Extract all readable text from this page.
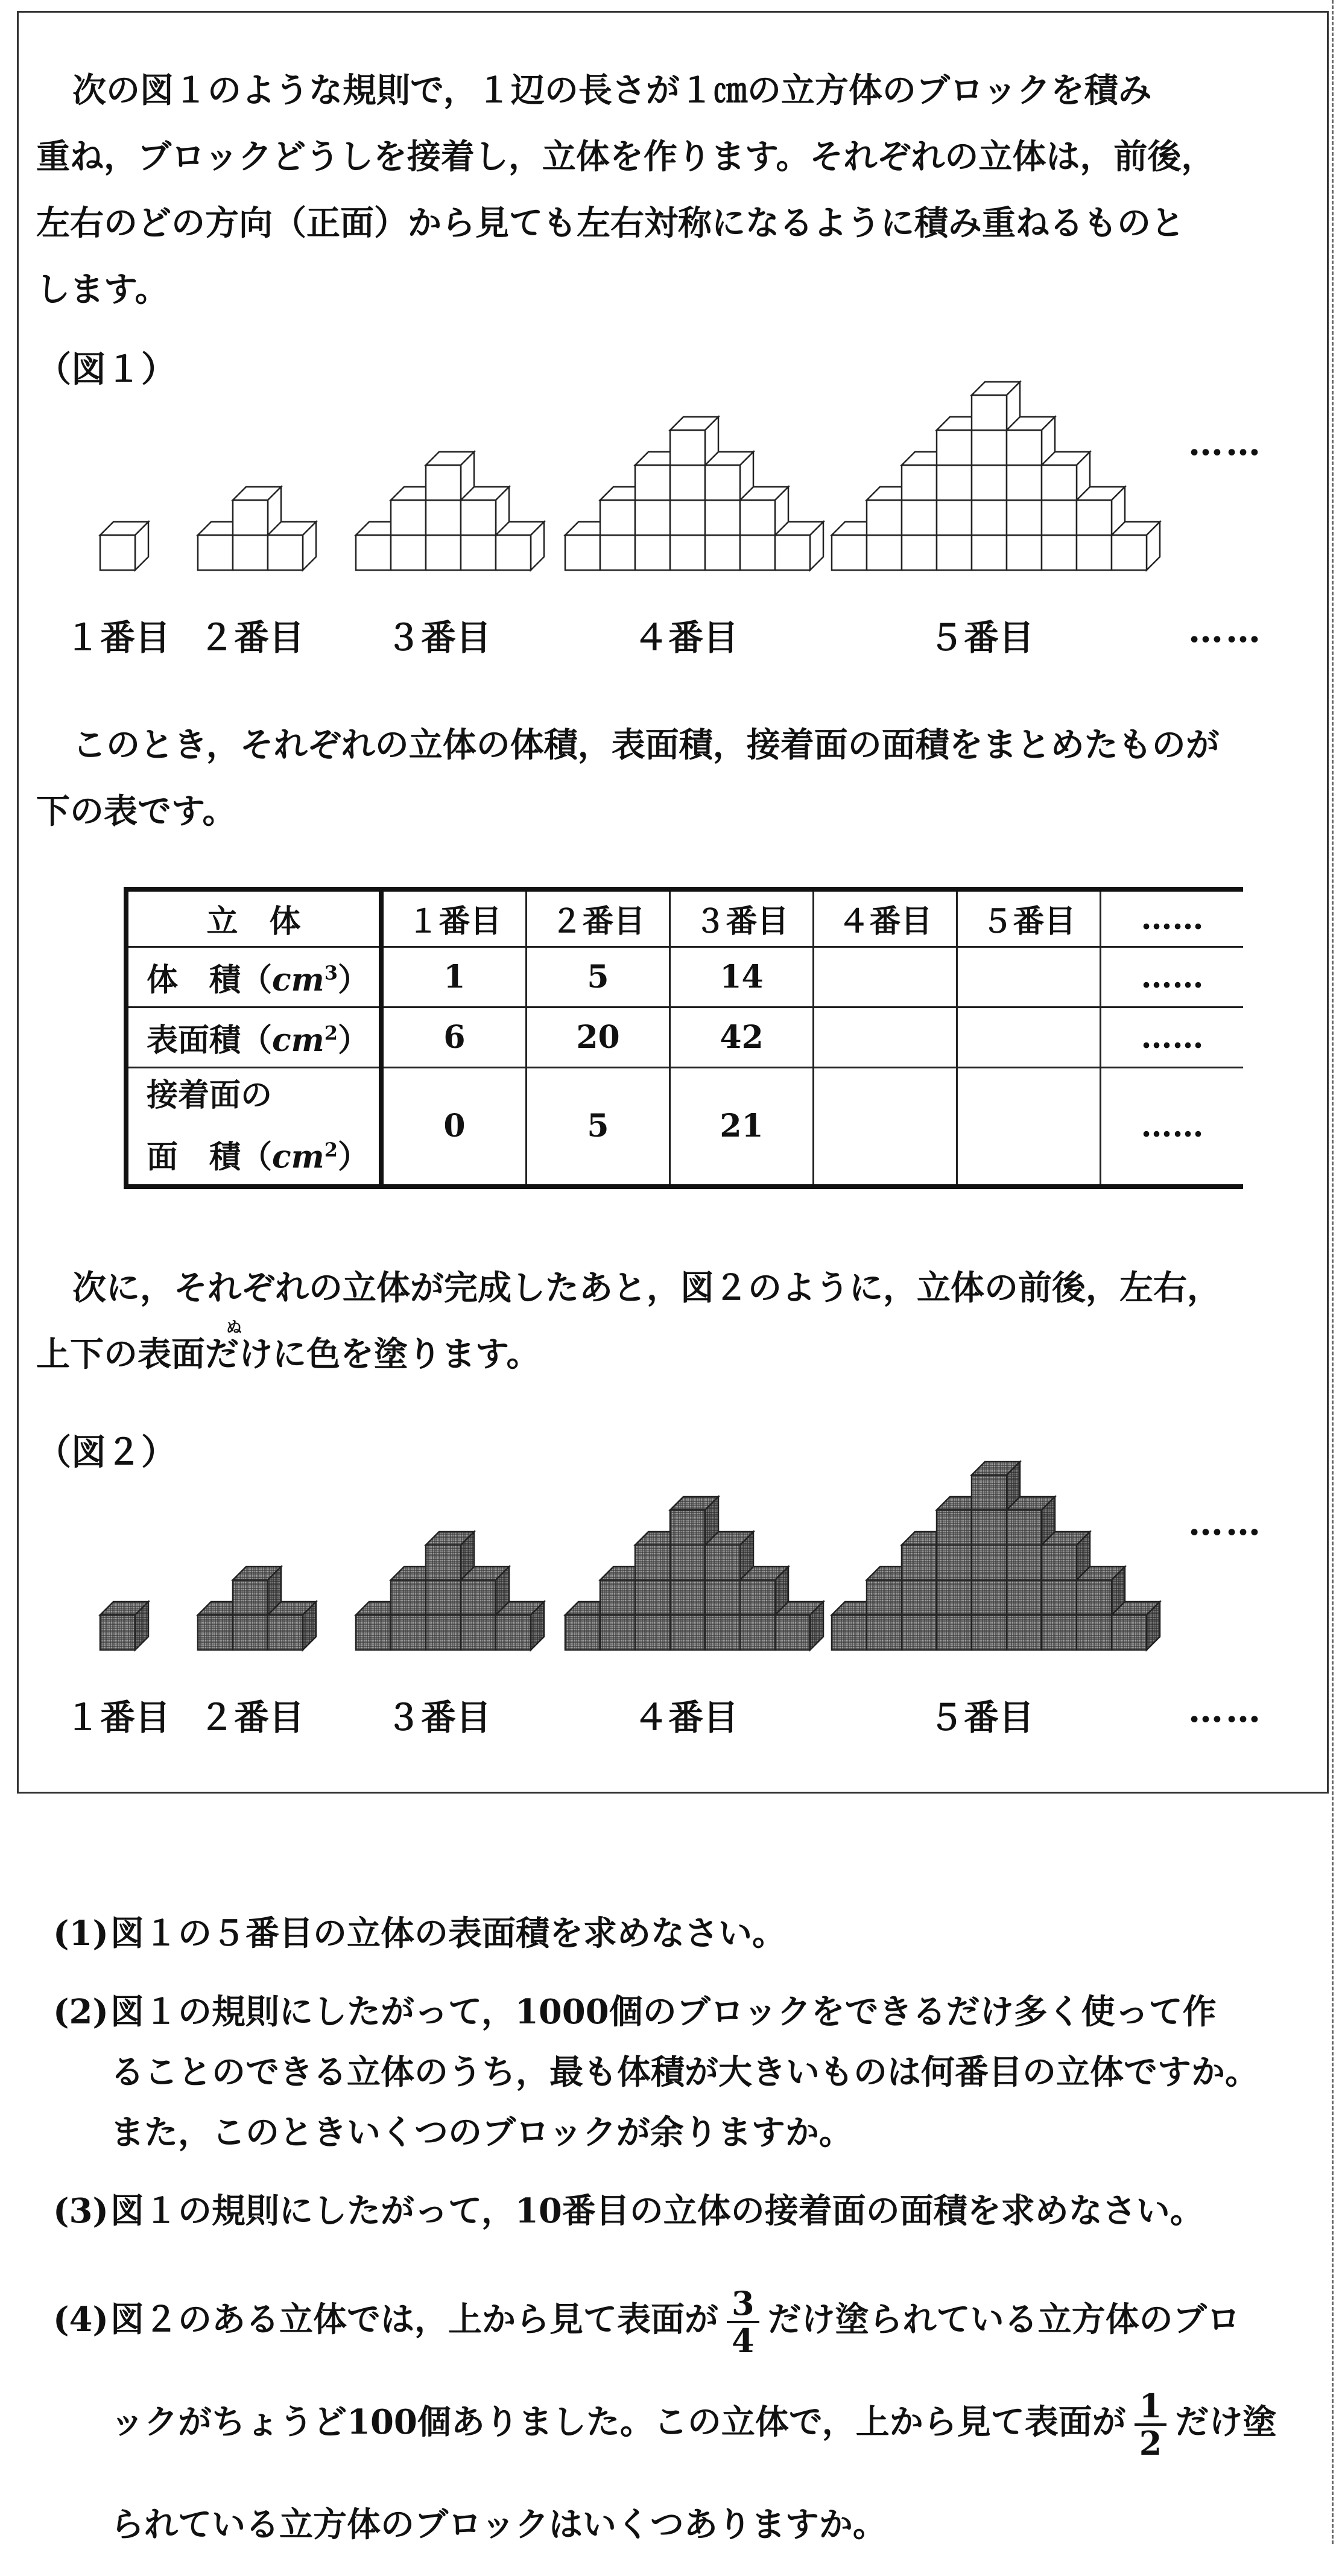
次の図１のような規則で，１辺の長さが１㎝の立方体のブロックを積み

重ね，ブロックどうしを接着し，立体を作ります。それぞれの立体は，前後，

左右のどの方向（正面）から見ても左右対称になるように積み重ねるものと

します。

（図１）
……
１番目 ２番目 ３番目	４番目	５番目	……

このとき，それぞれの立体の体積，表面積，接着面の面積をまとめたものが

下の表です。

立　体	１番目	２番目	３番目	４番目	５番目	……
体　積$(cm^3)$	1	5	14			……
表面積$(cm^2)$	6	20	42			……

接着面の
面　積$(cm^2)$	0	5	21			……

次に，それぞれの立体が完成したあと，図２のように，立体の前後，左右，

上下の表面だけに色を塗ります。

ぬ
（図２）
……
１番目 ２番目 ３番目	４番目	５番目	……
(1) 図１の５番目の立体の表面積を求めなさい。
(2) 図１の規則にしたがって，1000個のブロックをできるだけ多く使って作
ることのできる立体のうち，最も体積が大きいものは何番目の立体ですか。
また，このときいくつのブロックが余りますか。
(3) 図１の規則にしたがって，10番目の立体の接着面の面積を求めなさい。
(4) 図２のある立体では，上から見て表面が $\frac{3}{4}$ だけ塗られている立方体のブロ
ックがちょうど100個ありました。この立体で，上から見て表面が $\frac{1}{2}$ だけ塗
られている立方体のブロックはいくつありますか。
